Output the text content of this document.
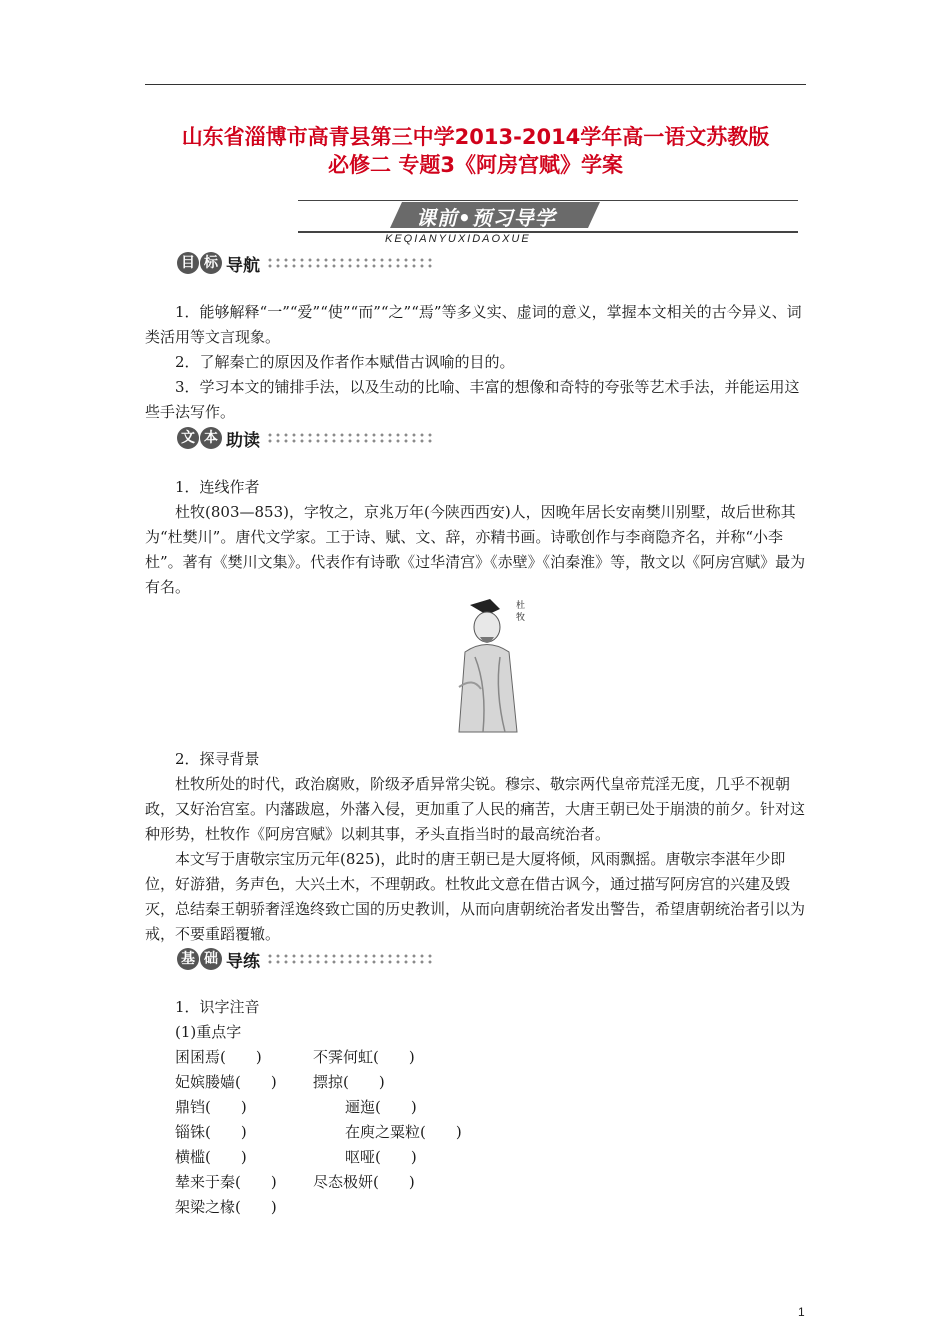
山东省淄博市高青县第三中学2013-2014学年高一语文苏教版
必修二 专题3《阿房宫赋》学案
课前•预习导学
KEQIANYUXIDAOXUE
目 标 导航
1．能够解释“一”“爱”“使”“而”“之”“焉”等多义实、虚词的意义，掌握本文相关的古今异义、词类活用等文言现象。
2．了解秦亡的原因及作者作本赋借古讽喻的目的。
3．学习本文的铺排手法，以及生动的比喻、丰富的想像和奇特的夸张等艺术手法，并能运用这些手法写作。
文 本 助读
1．连线作者
杜牧(803—853)，字牧之，京兆万年(今陕西西安)人，因晚年居长安南樊川别墅，故后世称其为“杜樊川”。唐代文学家。工于诗、赋、文、辞，亦精书画。诗歌创作与李商隐齐名，并称“小李杜”。著有《樊川文集》。代表作有诗歌《过华清宫》《赤壁》《泊秦淮》等，散文以《阿房宫赋》最为有名。
杜牧
2．探寻背景
杜牧所处的时代，政治腐败，阶级矛盾异常尖锐。穆宗、敬宗两代皇帝荒淫无度，几乎不视朝政，又好治宫室。内藩跋扈，外藩入侵，更加重了人民的痛苦，大唐王朝已处于崩溃的前夕。针对这种形势，杜牧作《阿房宫赋》以刺其事，矛头直指当时的最高统治者。
本文写于唐敬宗宝历元年(825)，此时的唐王朝已是大厦将倾，风雨飘摇。唐敬宗李湛年少即位，好游猎，务声色，大兴土木，不理朝政。杜牧此文意在借古讽今，通过描写阿房宫的兴建及毁灭，总结秦王朝骄奢淫逸终致亡国的历史教训，从而向唐朝统治者发出警告，希望唐朝统治者引以为戒，不要重蹈覆辙。
基 础 导练
1．识字注音
(1)重点字
囷囷焉(　　)	不霁何虹(　　)
妃嫔媵嫱(　　) 摽掠(　　)
鼎铛(　　)	逦迤(　　)
锱铢(　　)	在庾之粟粒(　　)
横槛(　　)	呕哑(　　)
辇来于秦(　　) 尽态极妍(　　)
架梁之椽(　　)
1
